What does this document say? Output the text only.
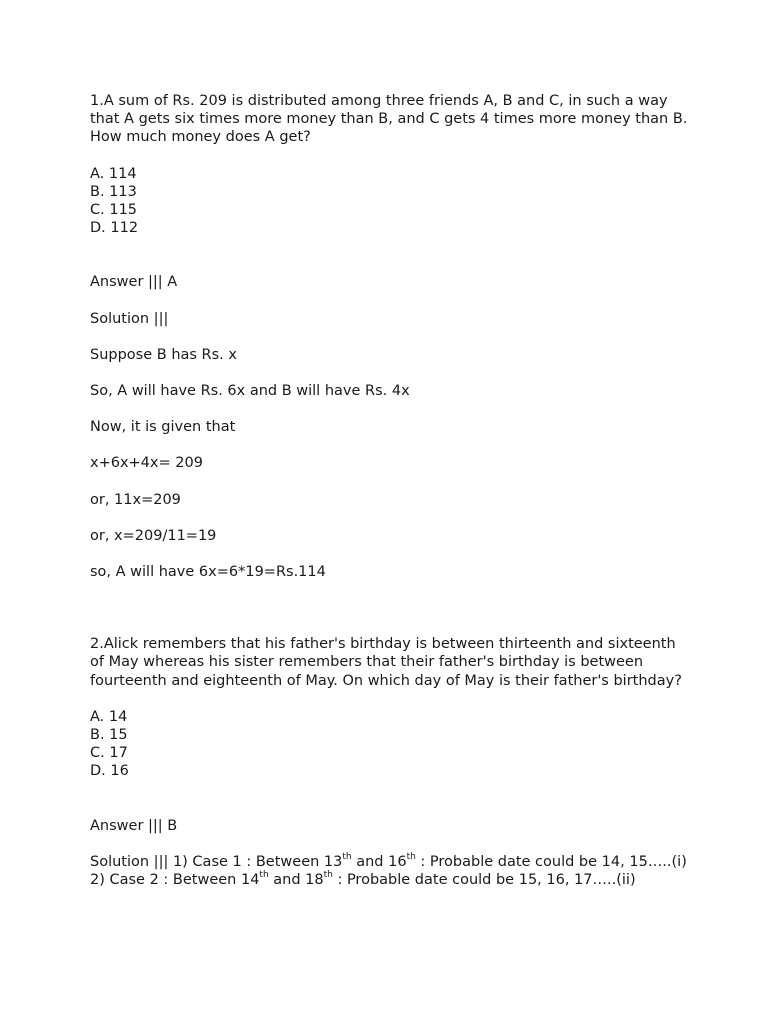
1.A sum of Rs. 209 is distributed among three friends A, B and C, in such a way that A gets six times more money than B, and C gets 4 times more money than B. How much money does A get?

A. 114

B. 113

C. 115

D. 112

Answer ||| A

Solution |||

Suppose B has Rs. x

So, A will have Rs. 6x and B will have Rs. 4x

Now, it is given that

x+6x+4x= 209

or, 11x=209

or, x=209/11=19

so, A will have 6x=6*19=Rs.114

2.Alick remembers that his father's birthday is between thirteenth and sixteenth of May whereas his sister remembers that their father's birthday is between fourteenth and eighteenth of May. On which day of May is their father's birthday?

A. 14

B. 15

C. 17

D. 16

Answer ||| B

Solution ||| 1) Case 1 : Between 13th and 16th : Probable date could be 14, 15…..(i)

2) Case 2 : Between 14th and 18th : Probable date could be 15, 16, 17…..(ii)
